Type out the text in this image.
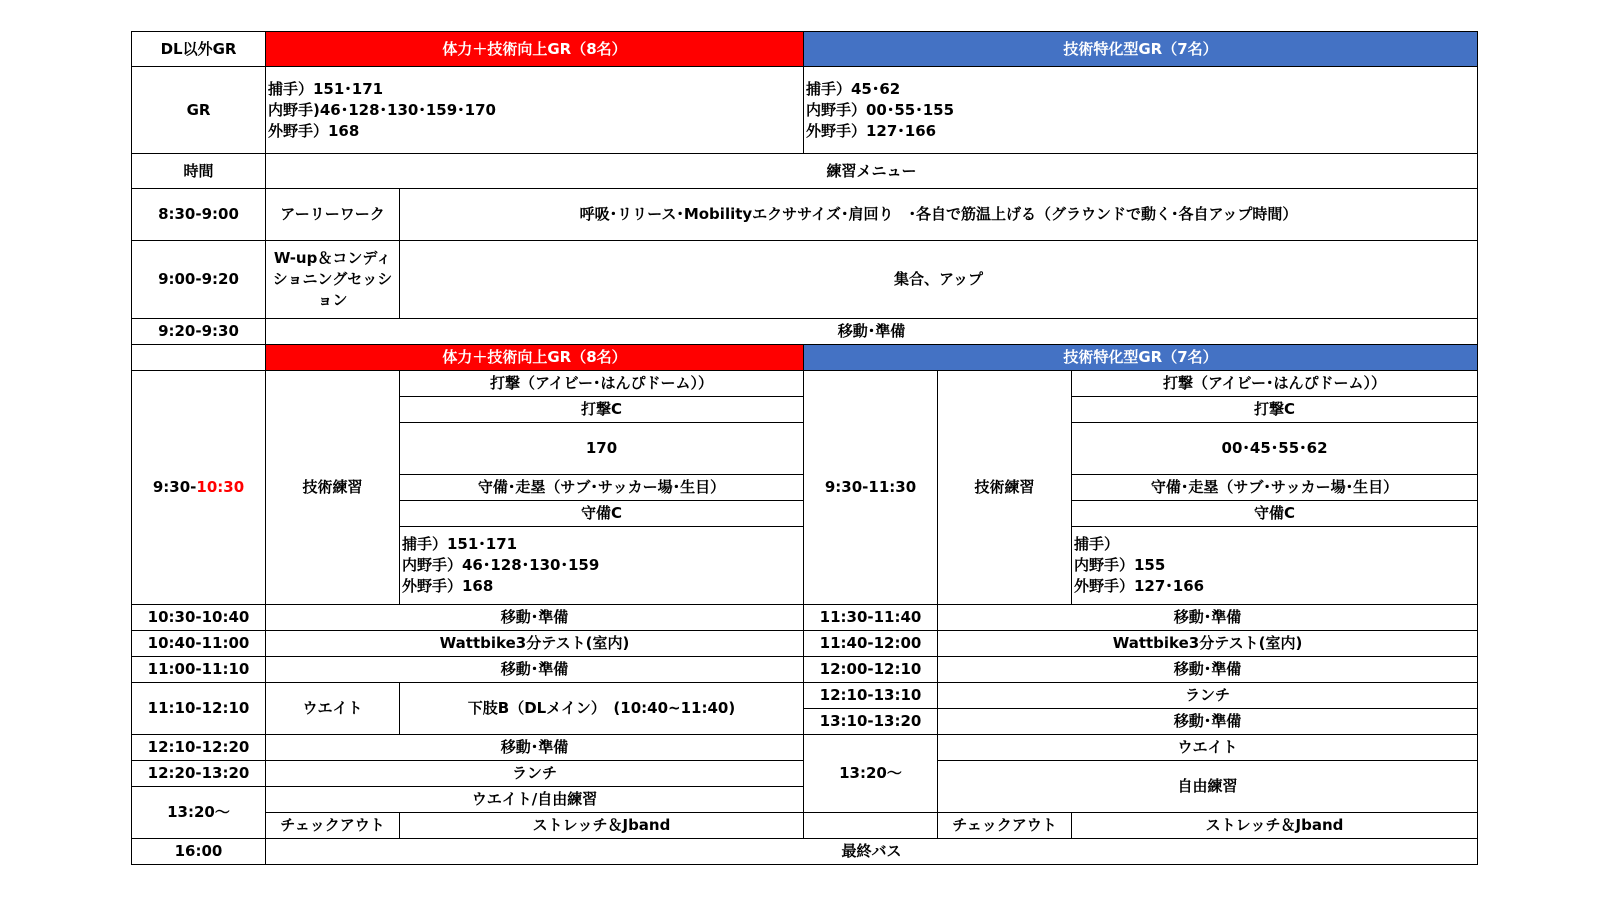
DL以外GR	体力＋技術向上GR（8名）		技術特化型GR（7名）		
GR	捕手）151･171
内野手)46･128･130･159･170
外野手）168		捕手）45･62
内野手）00･55･155
外野手）127･166		

時間	練習メニュー				
8:30-9:00	アーリーワーク	呼吸･リリース･Mobilityエクササイズ･肩回り　･各自で筋温上げる（グラウンドで動く･各自アップ時間）			
9:00-9:20	W-up＆コンディショニングセッション	集合、アップ			
9:20-9:30	移動･準備				
	体力＋技術向上GR（8名）		技術特化型GR（7名）		
9:30-10:30	技術練習	打撃（アイビー･はんぴドーム））	9:30-11:30	技術練習	打撃（アイビー･はんぴドーム））
		打撃C			打撃C
		170			00･45･55･62
		守備･走塁（サブ･サッカー場･生目）			守備･走塁（サブ･サッカー場･生目）
		守備C			守備C

		捕手）151･171
内野手）46･128･130･159
外野手）168			捕手）
内野手）155
外野手）127･166

10:30-10:40	移動･準備		11:30-11:40	移動･準備	
10:40-11:00	Wattbike3分テスト(室内)		11:40-12:00	Wattbike3分テスト(室内)	
11:00-11:10	移動･準備		12:00-12:10	移動･準備	
11:10-12:10	ウエイト	下肢B（DLメイン）　(10:40~11:40)	12:10-13:10	ランチ	
			13:10-13:20	移動･準備	
12:10-12:20	移動･準備		13:20～	ウエイト	
12:20-13:20	ランチ			自由練習	
13:20～	ウエイト/自由練習				
	チェックアウト	ストレッチ＆Jband		チェックアウト	ストレッチ＆Jband
16:00	最終バス				
